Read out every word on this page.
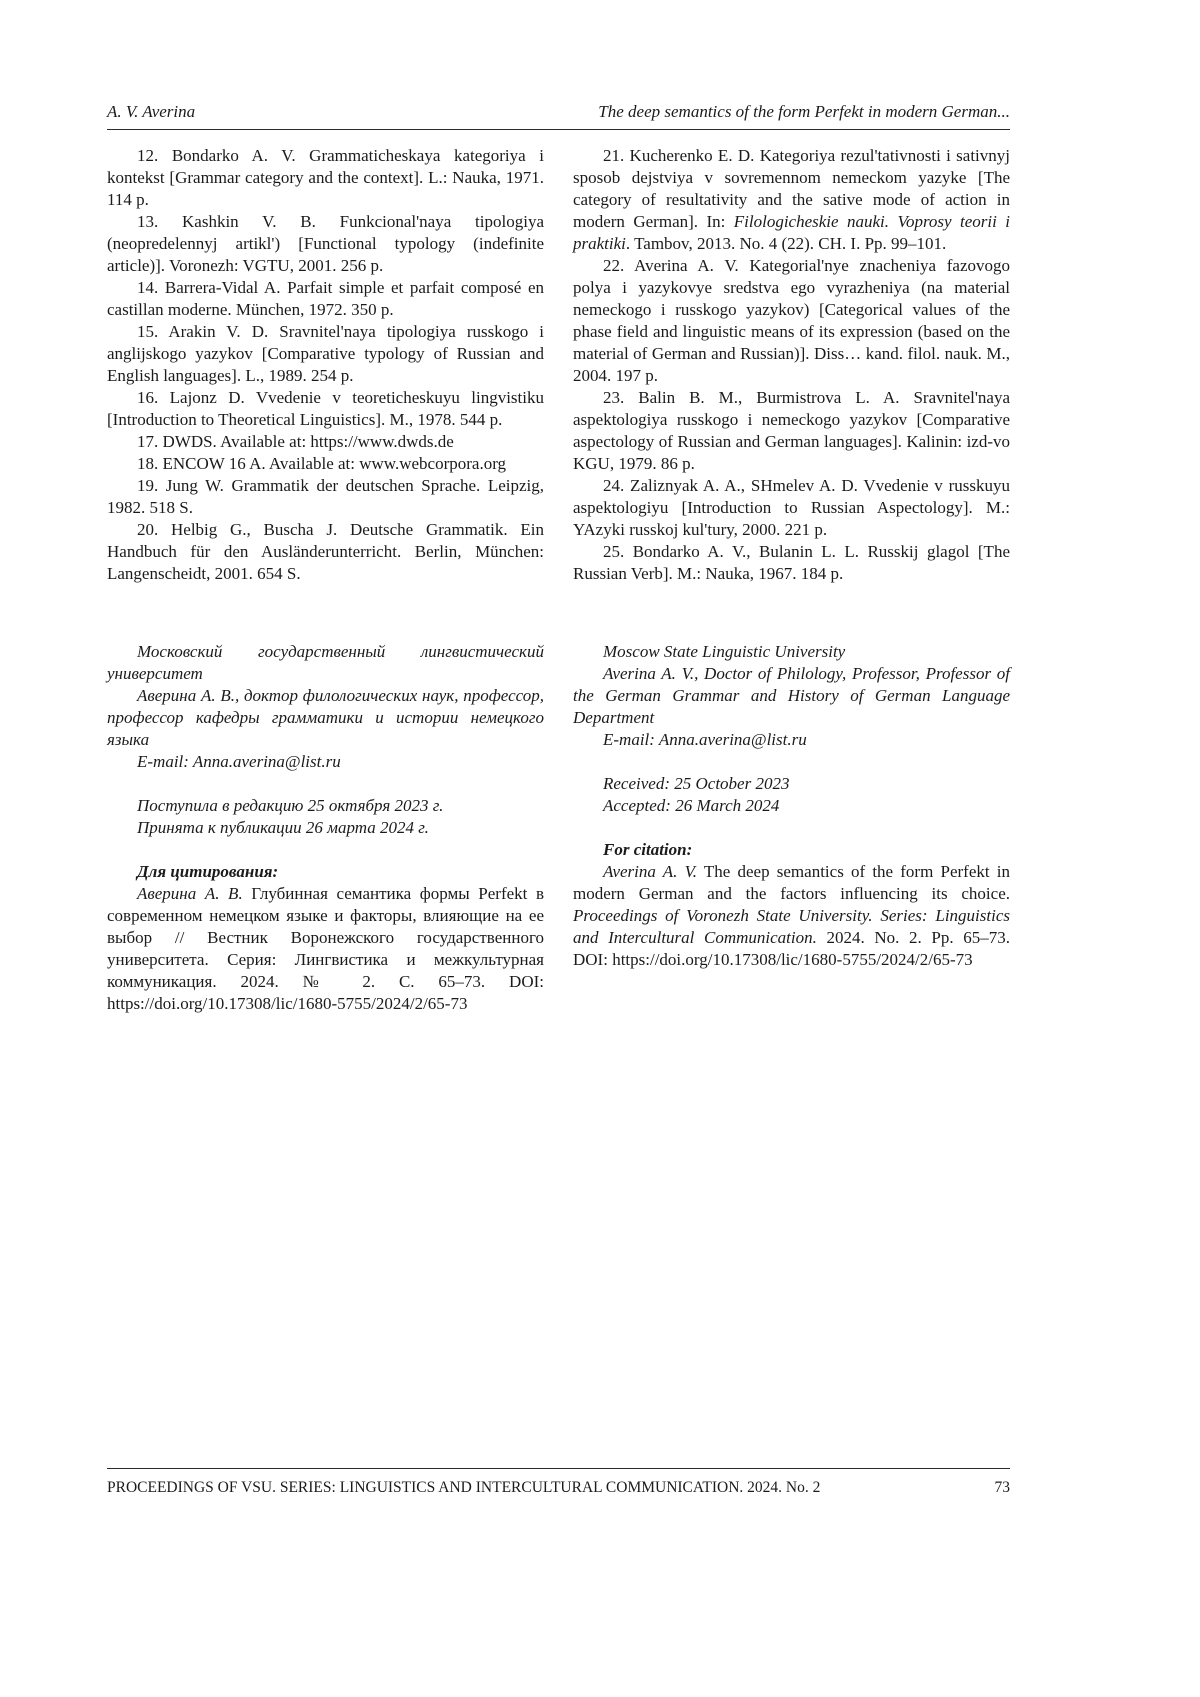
A. V. Averina	The deep semantics of the form Perfekt in modern German...

12. Bondarko A. V. Grammaticheskaya kategoriya i kontekst [Grammar category and the context]. L.: Nauka, 1971. 114 p.

13. Kashkin V. B. Funkcional'naya tipologiya (neopredelennyj artikl') [Functional typology (indefinite article)]. Voronezh: VGTU, 2001. 256 p.

14. Barrera-Vidal A. Parfait simple et parfait composé en castillan moderne. München, 1972. 350 p.

15. Arakin V. D. Sravnitel'naya tipologiya russkogo i anglijskogo yazykov [Comparative typology of Russian and English languages]. L., 1989. 254 p.

16. Lajonz D. Vvedenie v teoreticheskuyu lingvistiku [Introduction to Theoretical Linguistics]. M., 1978. 544 p.

17. DWDS. Available at: https://www.dwds.de

18. ENCOW 16 A. Available at: www.webcorpora.org

19. Jung W. Grammatik der deutschen Sprache. Leipzig, 1982. 518 S.

20. Helbig G., Buscha J. Deutsche Grammatik. Ein Handbuch für den Ausländerunterricht. Berlin, München: Langenscheidt, 2001. 654 S.

Московский государственный лингвистический университет

Аверина А. В., доктор филологических наук, профессор, профессор кафедры грамматики и истории немецкого языка

E-mail: Anna.averina@list.ru

Поступила в редакцию 25 октября 2023 г.

Принята к публикации 26 марта 2024 г.

Для цитирования:

Аверина А. В. Глубинная семантика формы Perfekt в современном немецком языке и факторы, влияющие на ее выбор // Вестник Воронежского государственного университета. Серия: Лингвистика и межкультурная коммуникация. 2024. № 2. С. 65–73. DOI: https://doi.org/10.17308/lic/1680-5755/2024/2/65-73

21. Kucherenko E. D. Kategoriya rezul'tativnosti i sativnyj sposob dejstviya v sovremennom nemeckom yazyke [The category of resultativity and the sative mode of action in modern German]. In: Filologicheskie nauki. Voprosy teorii i praktiki. Tambov, 2013. No. 4 (22). CH. I. Pp. 99–101.

22. Averina A. V. Kategorial'nye znacheniya fazovogo polya i yazykovye sredstva ego vyrazheniya (na material nemeckogo i russkogo yazykov) [Categorical values of the phase field and linguistic means of its expression (based on the material of German and Russian)]. Diss… kand. filol. nauk. M., 2004. 197 p.

23. Balin B. M., Burmistrova L. A. Sravnitel'naya aspektologiya russkogo i nemeckogo yazykov [Comparative aspectology of Russian and German languages]. Kalinin: izd-vo KGU, 1979. 86 p.

24. Zaliznyak A. A., SHmelev A. D. Vvedenie v russkuyu aspektologiyu [Introduction to Russian Aspectology]. M.: YAzyki russkoj kul'tury, 2000. 221 p.

25. Bondarko A. V., Bulanin L. L. Russkij glagol [The Russian Verb]. M.: Nauka, 1967. 184 p.

Moscow State Linguistic University

Averina A. V., Doctor of Philology, Professor, Professor of the German Grammar and History of German Language Department

E-mail: Anna.averina@list.ru

Received: 25 October 2023

Accepted: 26 March 2024

For citation:

Averina A. V. The deep semantics of the form Perfekt in modern German and the factors influencing its choice. Proceedings of Voronezh State University. Series: Linguistics and Intercultural Communication. 2024. No. 2. Pp. 65–73. DOI: https://doi.org/10.17308/lic/1680-5755/2024/2/65-73

PROCEEDINGS OF VSU. SERIES: LINGUISTICS AND INTERCULTURAL COMMUNICATION. 2024. No. 2	73
